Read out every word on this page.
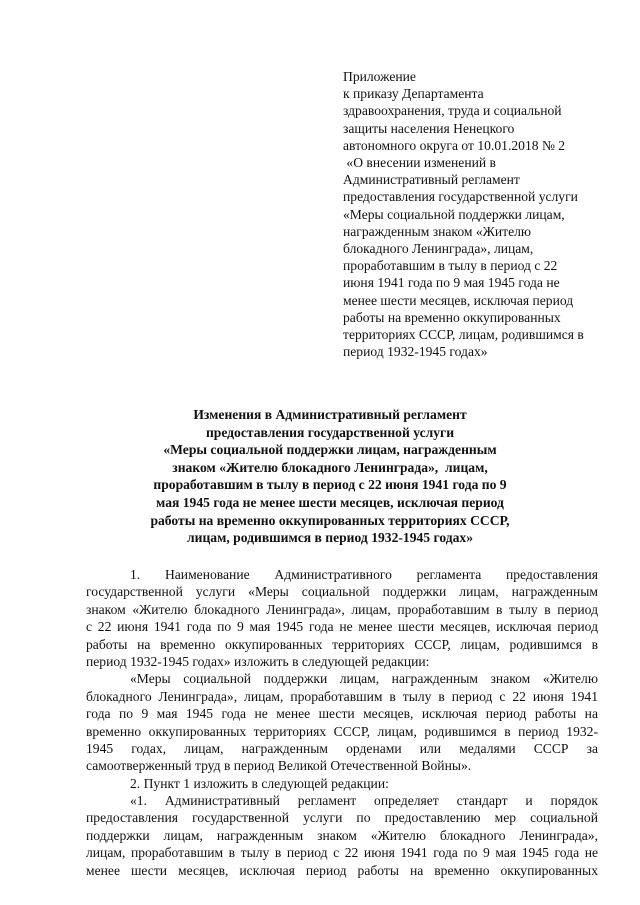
Приложение
к приказу Департамента
здравоохранения, труда и социальной
защиты населения Ненецкого
автономного округа от 10.01.2018 № 2
«О внесении изменений в
Административный регламент
предоставления государственной услуги
«Меры социальной поддержки лицам,
награжденным знаком «Жителю
блокадного Ленинграда», лицам,
проработавшим в тылу в период с 22
июня 1941 года по 9 мая 1945 года не
менее шести месяцев, исключая период
работы на временно оккупированных
территориях СССР, лицам, родившимся в
период 1932-1945 годах»
Изменения в Административный регламент
предоставления государственной услуги
«Меры социальной поддержки лицам, награжденным
знаком «Жителю блокадного Ленинграда»,  лицам,
проработавшим в тылу в период с 22 июня 1941 года по 9
мая 1945 года не менее шести месяцев, исключая период
работы на временно оккупированных территориях СССР,
лицам, родившимся в период 1932-1945 годах»
1. Наименование Административного регламента предоставления
государственной услуги «Меры социальной поддержки лицам, награжденным
знаком «Жителю блокадного Ленинграда», лицам, проработавшим в тылу в период
с 22 июня 1941 года по 9 мая 1945 года не менее шести месяцев, исключая период
работы на временно оккупированных территориях СССР, лицам, родившимся в
период 1932-1945 годах» изложить в следующей редакции:
«Меры социальной поддержки лицам, награжденным знаком «Жителю
блокадного Ленинграда», лицам, проработавшим в тылу в период с 22 июня 1941
года по 9 мая 1945 года не менее шести месяцев, исключая период работы на
временно оккупированных территориях СССР, лицам, родившимся в период 1932-
1945 годах, лицам, награжденным орденами или медалями СССР за
самоотверженный труд в период Великой Отечественной Войны».
2. Пункт 1 изложить в следующей редакции:
«1. Административный регламент определяет стандарт и порядок
предоставления государственной услуги по предоставлению мер социальной
поддержки лицам, награжденным знаком «Жителю блокадного Ленинграда»,
лицам, проработавшим в тылу в период с 22 июня 1941 года по 9 мая 1945 года не
менее шести месяцев, исключая период работы на временно оккупированных
